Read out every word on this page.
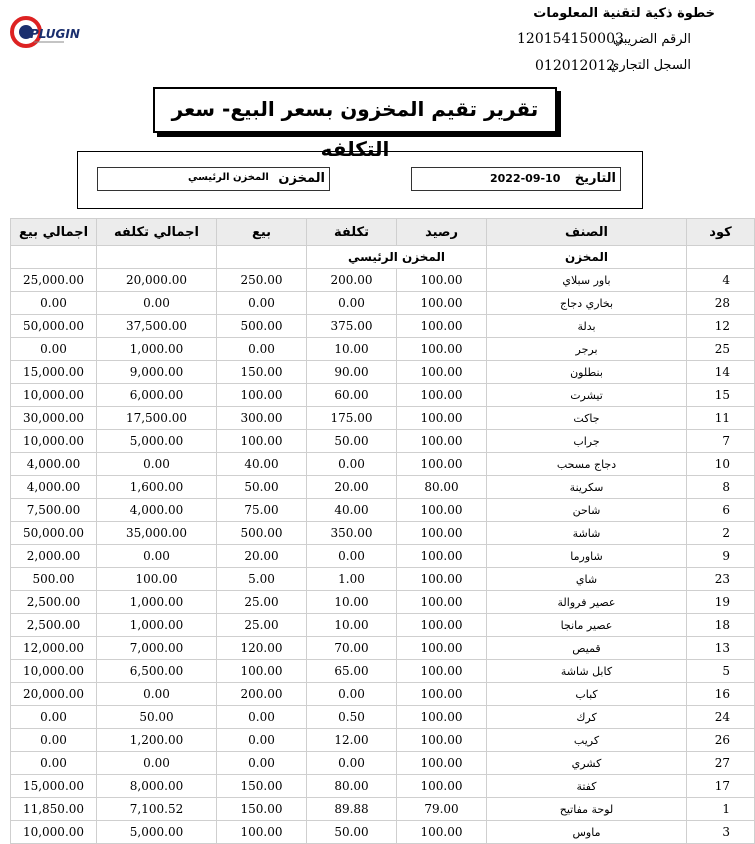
خطوة ذكية لتقنية المعلومات
الرقم الضريبي
120154150003
السجل التجاري
012012012
PLUGIN
تقرير تقيم المخزون بسعر البيع- سعر التكلفه
التاريخ
2022-09-10
المخزن
المخزن الرئيسي
كود	الصنف	رصيد	تكلفة	بيع	اجمالي تكلفه	اجمالي بيع
	المخزن	المخزن الرئيسي				
4	باور سبلاي	100.00	200.00	250.00	20,000.00	25,000.00
28	بخاري دجاج	100.00	0.00	0.00	0.00	0.00
12	بدلة	100.00	375.00	500.00	37,500.00	50,000.00
25	برجر	100.00	10.00	0.00	1,000.00	0.00
14	بنطلون	100.00	90.00	150.00	9,000.00	15,000.00
15	تيشرت	100.00	60.00	100.00	6,000.00	10,000.00
11	جاكت	100.00	175.00	300.00	17,500.00	30,000.00
7	جراب	100.00	50.00	100.00	5,000.00	10,000.00
10	دجاج مسحب	100.00	0.00	40.00	0.00	4,000.00
8	سكرينة	80.00	20.00	50.00	1,600.00	4,000.00
6	شاحن	100.00	40.00	75.00	4,000.00	7,500.00
2	شاشة	100.00	350.00	500.00	35,000.00	50,000.00
9	شاورما	100.00	0.00	20.00	0.00	2,000.00
23	شاي	100.00	1.00	5.00	100.00	500.00
19	عصير فروالة	100.00	10.00	25.00	1,000.00	2,500.00
18	عصير مانجا	100.00	10.00	25.00	1,000.00	2,500.00
13	قميص	100.00	70.00	120.00	7,000.00	12,000.00
5	كابل شاشة	100.00	65.00	100.00	6,500.00	10,000.00
16	كباب	100.00	0.00	200.00	0.00	20,000.00
24	كرك	100.00	0.50	0.00	50.00	0.00
26	كريب	100.00	12.00	0.00	1,200.00	0.00
27	كشري	100.00	0.00	0.00	0.00	0.00
17	كفتة	100.00	80.00	150.00	8,000.00	15,000.00
1	لوحة مفاتيح	79.00	89.88	150.00	7,100.52	11,850.00
3	ماوس	100.00	50.00	100.00	5,000.00	10,000.00
